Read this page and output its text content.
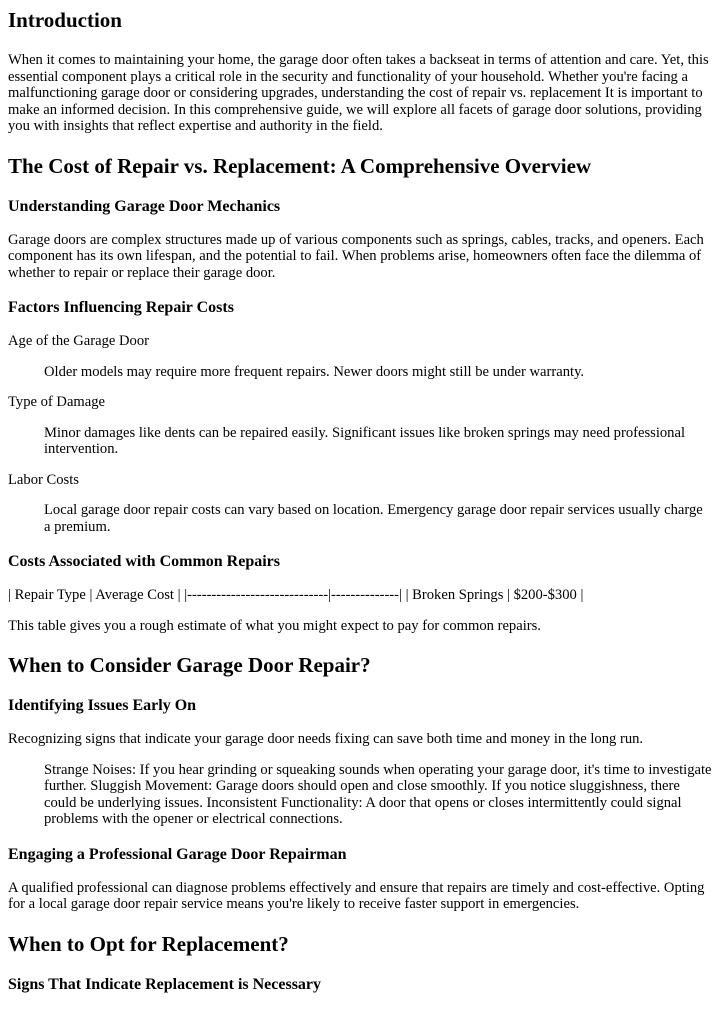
Introduction

When it comes to maintaining your home, the garage door often takes a backseat in terms of attention and care. Yet, this essential component plays a critical role in the security and functionality of your household. Whether you're facing a malfunctioning garage door or considering upgrades, understanding the cost of repair vs. replacement It is important to make an informed decision. In this comprehensive guide, we will explore all facets of garage door solutions, providing you with insights that reflect expertise and authority in the field.

The Cost of Repair vs. Replacement: A Comprehensive Overview
Understanding Garage Door Mechanics

Garage doors are complex structures made up of various components such as springs, cables, tracks, and openers. Each component has its own lifespan, and the potential to fail. When problems arise, homeowners often face the dilemma of whether to repair or replace their garage door.

Factors Influencing Repair Costs
Age of the Garage Door
Older models may require more frequent repairs. Newer doors might still be under warranty.
Type of Damage
Minor damages like dents can be repaired easily. Significant issues like broken springs may need professional intervention.
Labor Costs
Local garage door repair costs can vary based on location. Emergency garage door repair services usually charge a premium.
Costs Associated with Common Repairs

| Repair Type | Average Cost | |-----------------------------|--------------| | Broken Springs | $200-$300 |

This table gives you a rough estimate of what you might expect to pay for common repairs.

When to Consider Garage Door Repair?
Identifying Issues Early On

Recognizing signs that indicate your garage door needs fixing can save both time and money in the long run.

Strange Noises: If you hear grinding or squeaking sounds when operating your garage door, it's time to investigate further. Sluggish Movement: Garage doors should open and close smoothly. If you notice sluggishness, there could be underlying issues. Inconsistent Functionality: A door that opens or closes intermittently could signal problems with the opener or electrical connections.
Engaging a Professional Garage Door Repairman

A qualified professional can diagnose problems effectively and ensure that repairs are timely and cost-effective. Opting for a local garage door repair service means you're likely to receive faster support in emergencies.

When to Opt for Replacement?
Signs That Indicate Replacement is Necessary
